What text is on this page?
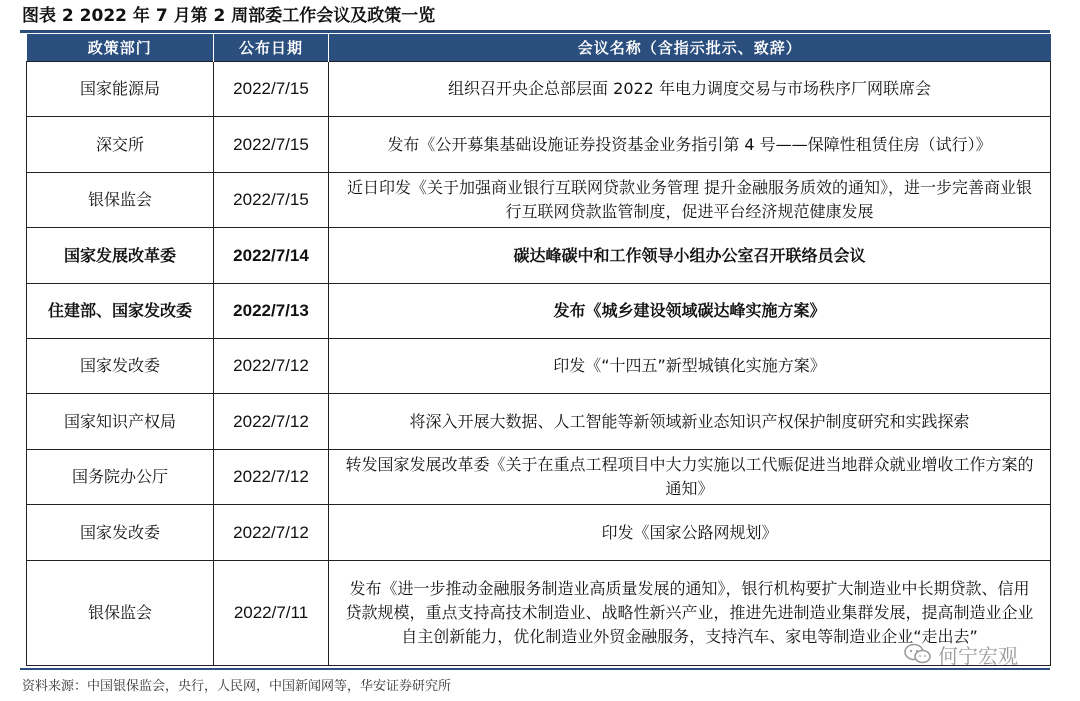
图表 2 2022 年 7 月第 2 周部委工作会议及政策一览
政策部门	公布日期	会议名称（含指示批示、致辞）
国家能源局	2022/7/15	组织召开央企总部层面 2022 年电力调度交易与市场秩序厂网联席会
深交所	2022/7/15	发布《公开募集基础设施证券投资基金业务指引第 4 号——保障性租赁住房（试行）》
银保监会	2022/7/15	近日印发《关于加强商业银行互联网贷款业务管理 提升金融服务质效的通知》，进一步完善商业银行互联网贷款监管制度，促进平台经济规范健康发展
国家发展改革委	2022/7/14	碳达峰碳中和工作领导小组办公室召开联络员会议
住建部、国家发改委	2022/7/13	发布《城乡建设领域碳达峰实施方案》
国家发改委	2022/7/12	印发《“十四五”新型城镇化实施方案》
国家知识产权局	2022/7/12	将深入开展大数据、人工智能等新领域新业态知识产权保护制度研究和实践探索
国务院办公厅	2022/7/12	转发国家发展改革委《关于在重点工程项目中大力实施以工代赈促进当地群众就业增收工作方案的通知》
国家发改委	2022/7/12	印发《国家公路网规划》
银保监会	2022/7/11	发布《进一步推动金融服务制造业高质量发展的通知》，银行机构要扩大制造业中长期贷款、信用贷款规模，重点支持高技术制造业、战略性新兴产业，推进先进制造业集群发展，提高制造业企业自主创新能力，优化制造业外贸金融服务，支持汽车、家电等制造业企业“走出去”
何宁宏观
资料来源：中国银保监会，央行，人民网，中国新闻网等，华安证券研究所
